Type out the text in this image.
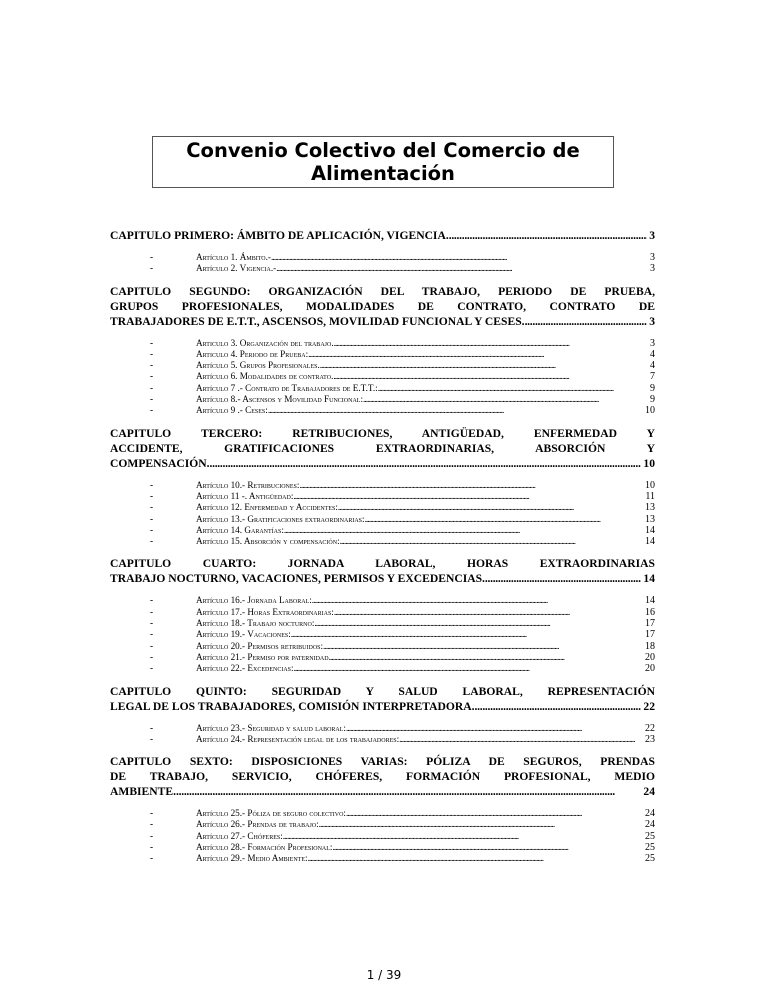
Convenio Colectivo del Comercio de
Alimentación
CAPITULO PRIMERO: ÁMBITO DE APLICACIÓN, VIGENCIA. . . .	3
-	Artículo 1. Ámbito.- . . .	3
-	Artículo 2. Vigencia.- . . .	3
CAPITULO SEGUNDO: ORGANIZACIÓN DEL TRABAJO, PERIODO DE PRUEBA,
GRUPOS PROFESIONALES, MODALIDADES DE CONTRATO, CONTRATO DE
TRABAJADORES DE E.T.T., ASCENSOS, MOVILIDAD FUNCIONAL Y CESES. . . .	3
-	Articulo 3. Organización del trabajo. . . .	3
-	Articulo 4. Periodo de Prueba: . . .	4
-	Artículo 5. Grupos Profesionales. . . .	4
-	Artículo 6. Modalidades de contrato. . . .	7
-	Artículo 7 .- Contrato de Trabajadores de E.T.T.: . . .	9
-	Artículo 8.- Ascensos y Movilidad Funcional: . . .	9
-	Artículo 9 .- Ceses: . . .	10
CAPITULO TERCERO: RETRIBUCIONES, ANTIGÜEDAD, ENFERMEDAD Y
ACCIDENTE, GRATIFICACIONES EXTRAORDINARIAS, ABSORCIÓN Y
COMPENSACIÓN. . . .	10
-	Artículo 10.- Retribuciones: . . .	10
-	Artículo 11 -. Antigüedad: . . .	11
-	Artículo 12. Enfermedad y Accidentes: . . .	13
-	Artículo 13.- Gratificaciones extraordinarias: . . .	13
-	Artículo 14. Garantías: . . .	14
-	Artículo 15. Absorción y compensación: . . .	14
CAPITULO CUARTO: JORNADA LABORAL, HORAS EXTRAORDINARIAS
TRABAJO NOCTURNO, VACACIONES, PERMISOS Y EXCEDENCIAS. . . .	14
-	Artículo 16.- Jornada Laboral: . . .	14
-	Artículo 17.- Horas Extraordinarias: . . .	16
-	Artículo 18.- Trabajo nocturno: . . .	17
-	Artículo 19.- Vacaciones: . . .	17
-	Artículo 20.- Permisos retribuidos: . . .	18
-	Artículo 21.- Permiso por paternidad . . .	20
-	Artículo 22.- Excedencias: . . .	20
CAPITULO QUINTO: SEGURIDAD Y SALUD LABORAL, REPRESENTACIÓN
LEGAL DE LOS TRABAJADORES, COMISIÓN INTERPRETADORA. . . .	22
-	Artículo 23.- Seguridad y salud laboral: . . .	22
-	Artículo 24.- Representación legal de los trabajadores: . . .	23
CAPITULO SEXTO: DISPOSICIONES VARIAS: PÓLIZA DE SEGUROS, PRENDAS
DE TRABAJO, SERVICIO, CHÓFERES, FORMACIÓN PROFESIONAL, MEDIO
AMBIENTE. . . .	24
-	Artículo 25.- Póliza de seguro colectivo: . . .	24
-	Artículo 26.- Prendas de trabajo: . . .	24
-	Artículo 27.- Chóferes: . . .	25
-	Artículo 28.- Formación Profesional: . . .	25
-	Artículo 29.- Medio Ambiente: . . .	25
1 / 39
